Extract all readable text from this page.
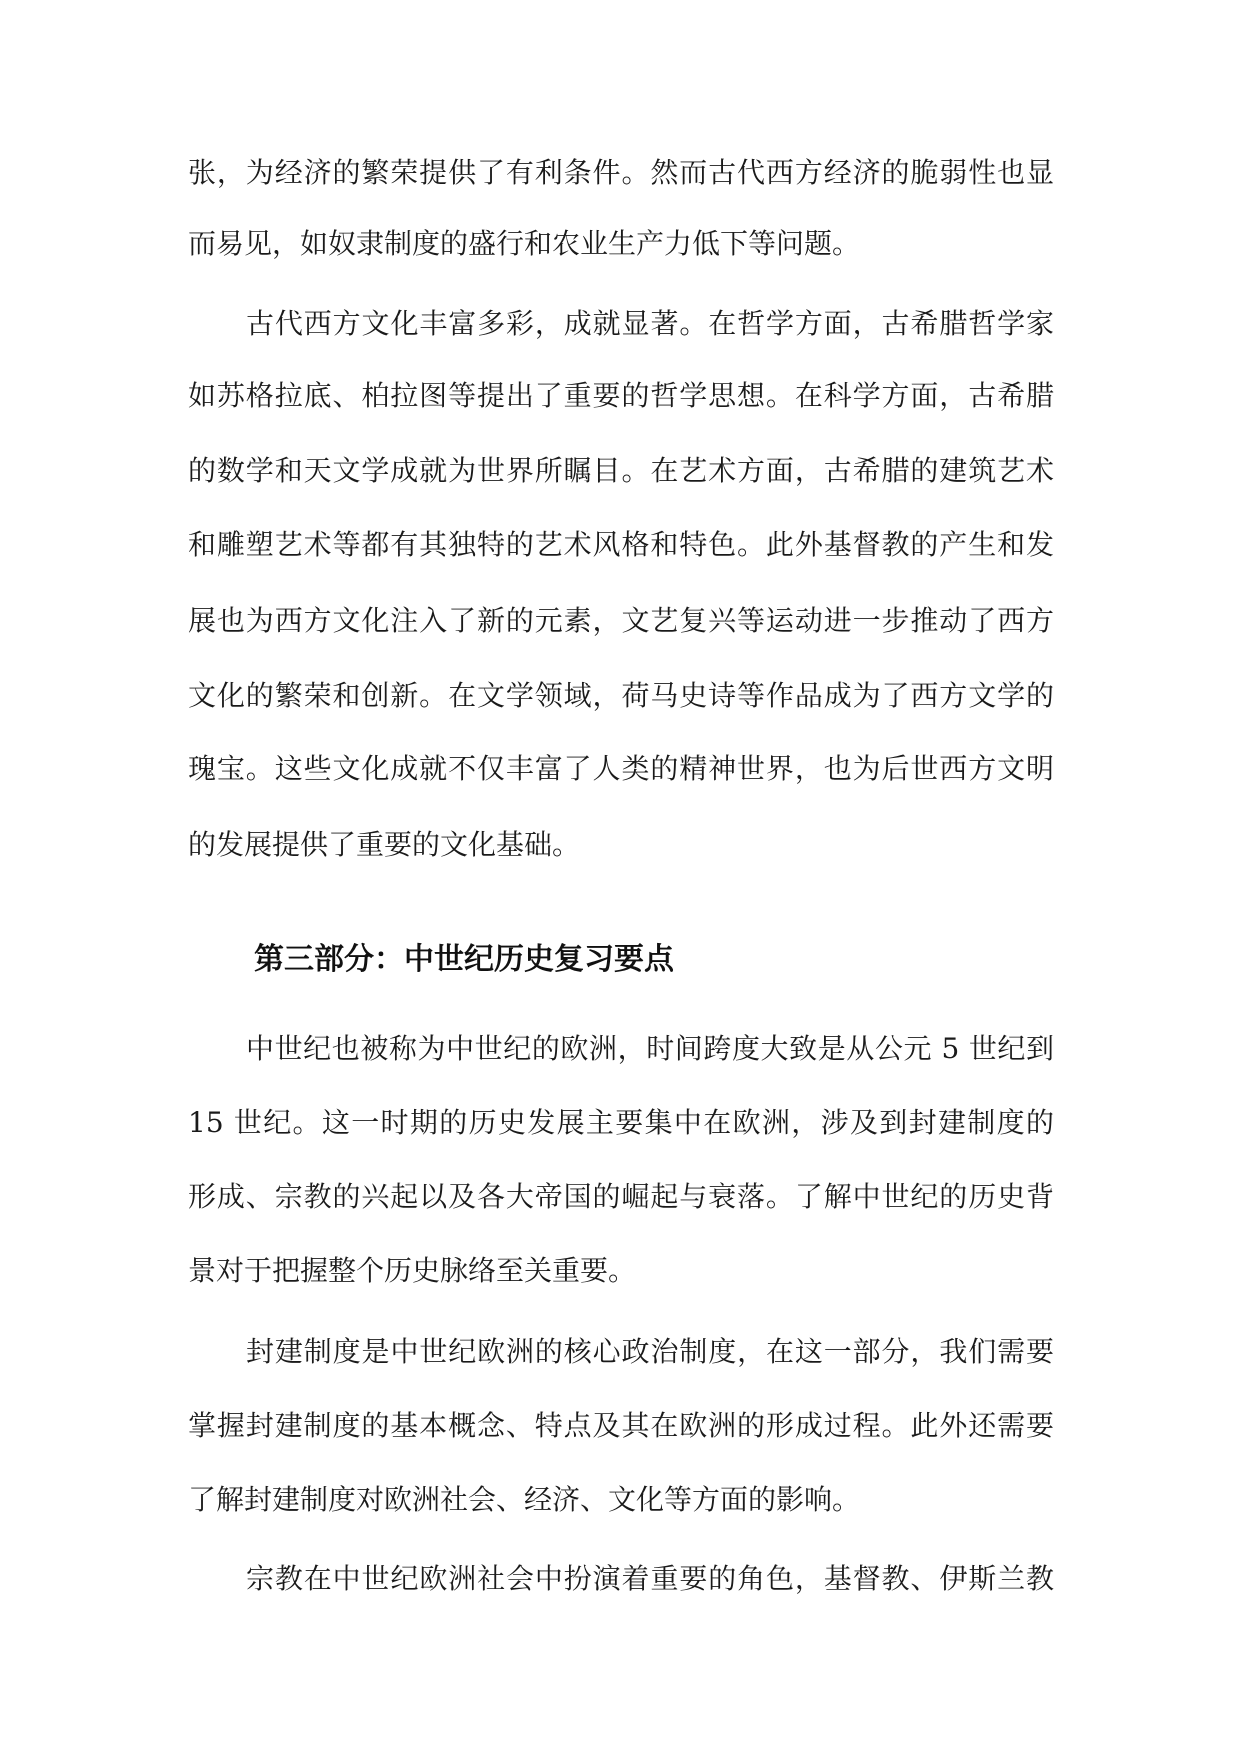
张，为经济的繁荣提供了有利条件。然而古代西方经济的脆弱性也显
而易见，如奴隶制度的盛行和农业生产力低下等问题。
古代西方文化丰富多彩，成就显著。在哲学方面，古希腊哲学家
如苏格拉底、柏拉图等提出了重要的哲学思想。在科学方面，古希腊
的数学和天文学成就为世界所瞩目。在艺术方面，古希腊的建筑艺术
和雕塑艺术等都有其独特的艺术风格和特色。此外基督教的产生和发
展也为西方文化注入了新的元素，文艺复兴等运动进一步推动了西方
文化的繁荣和创新。在文学领域，荷马史诗等作品成为了西方文学的
瑰宝。这些文化成就不仅丰富了人类的精神世界，也为后世西方文明
的发展提供了重要的文化基础。
第三部分：中世纪历史复习要点
中世纪也被称为中世纪的欧洲，时间跨度大致是从公元 5 世纪到
15 世纪。这一时期的历史发展主要集中在欧洲，涉及到封建制度的
形成、宗教的兴起以及各大帝国的崛起与衰落。了解中世纪的历史背
景对于把握整个历史脉络至关重要。
封建制度是中世纪欧洲的核心政治制度，在这一部分，我们需要
掌握封建制度的基本概念、特点及其在欧洲的形成过程。此外还需要
了解封建制度对欧洲社会、经济、文化等方面的影响。
宗教在中世纪欧洲社会中扮演着重要的角色，基督教、伊斯兰教
